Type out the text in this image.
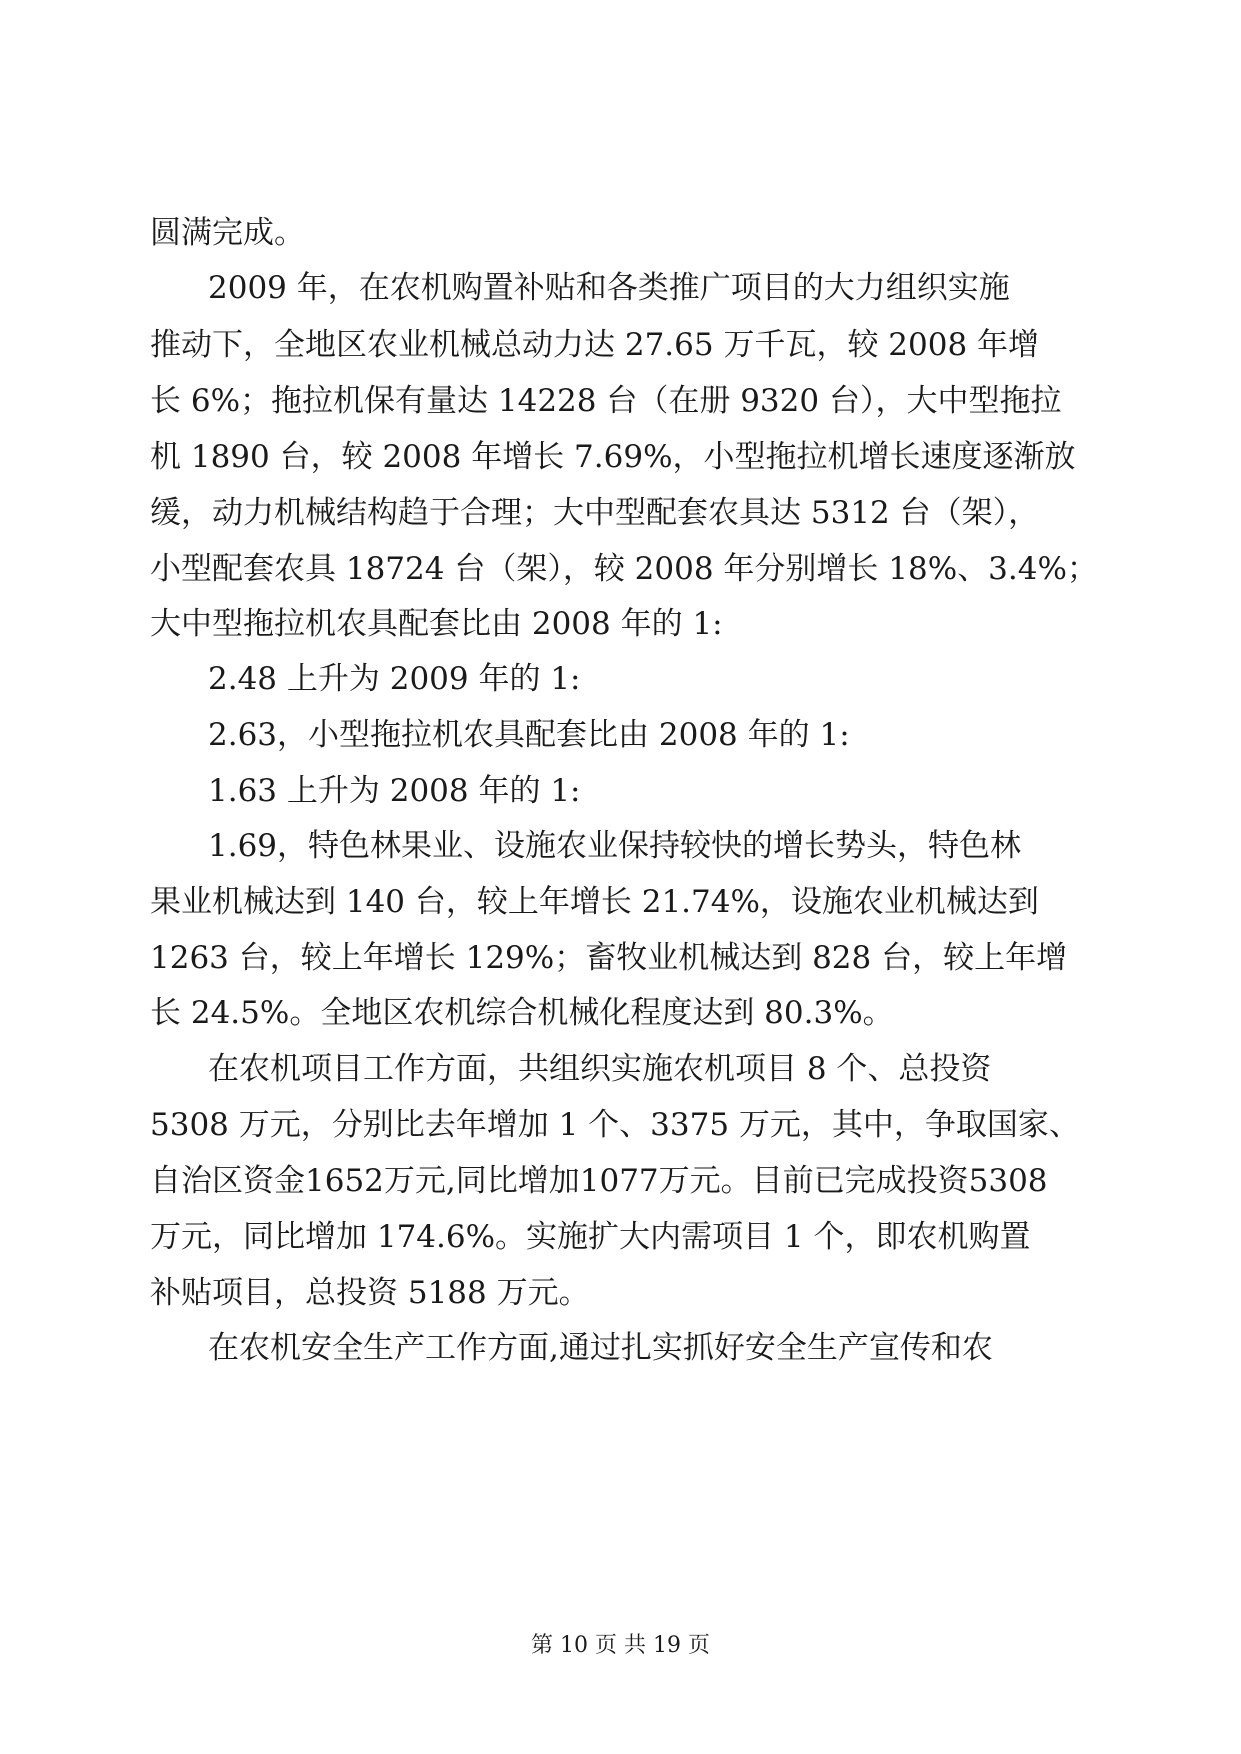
圆满完成。
2009 年，在农机购置补贴和各类推广项目的大力组织实施
推动下，全地区农业机械总动力达 27.65 万千瓦，较 2008 年增
长 6%；拖拉机保有量达 14228 台（在册 9320 台），大中型拖拉
机 1890 台，较 2008 年增长 7.69%，小型拖拉机增长速度逐渐放
缓，动力机械结构趋于合理；大中型配套农具达 5312 台（架），
小型配套农具 18724 台（架），较 2008 年分别增长 18%、3.4%；
大中型拖拉机农具配套比由 2008 年的 1:
2.48 上升为 2009 年的 1:
2.63，小型拖拉机农具配套比由 2008 年的 1:
1.63 上升为 2008 年的 1:
1.69，特色林果业、设施农业保持较快的增长势头，特色林
果业机械达到 140 台，较上年增长 21.74%，设施农业机械达到
1263 台，较上年增长 129%；畜牧业机械达到 828 台，较上年增
长 24.5%。全地区农机综合机械化程度达到 80.3%。
在农机项目工作方面，共组织实施农机项目 8 个、总投资
5308 万元，分别比去年增加 1 个、3375 万元，其中，争取国家、
自治区资金1652万元,同比增加1077万元。目前已完成投资5308
万元，同比增加 174.6%。实施扩大内需项目 1 个，即农机购置
补贴项目，总投资 5188 万元。
在农机安全生产工作方面,通过扎实抓好安全生产宣传和农
第 10 页 共 19 页
